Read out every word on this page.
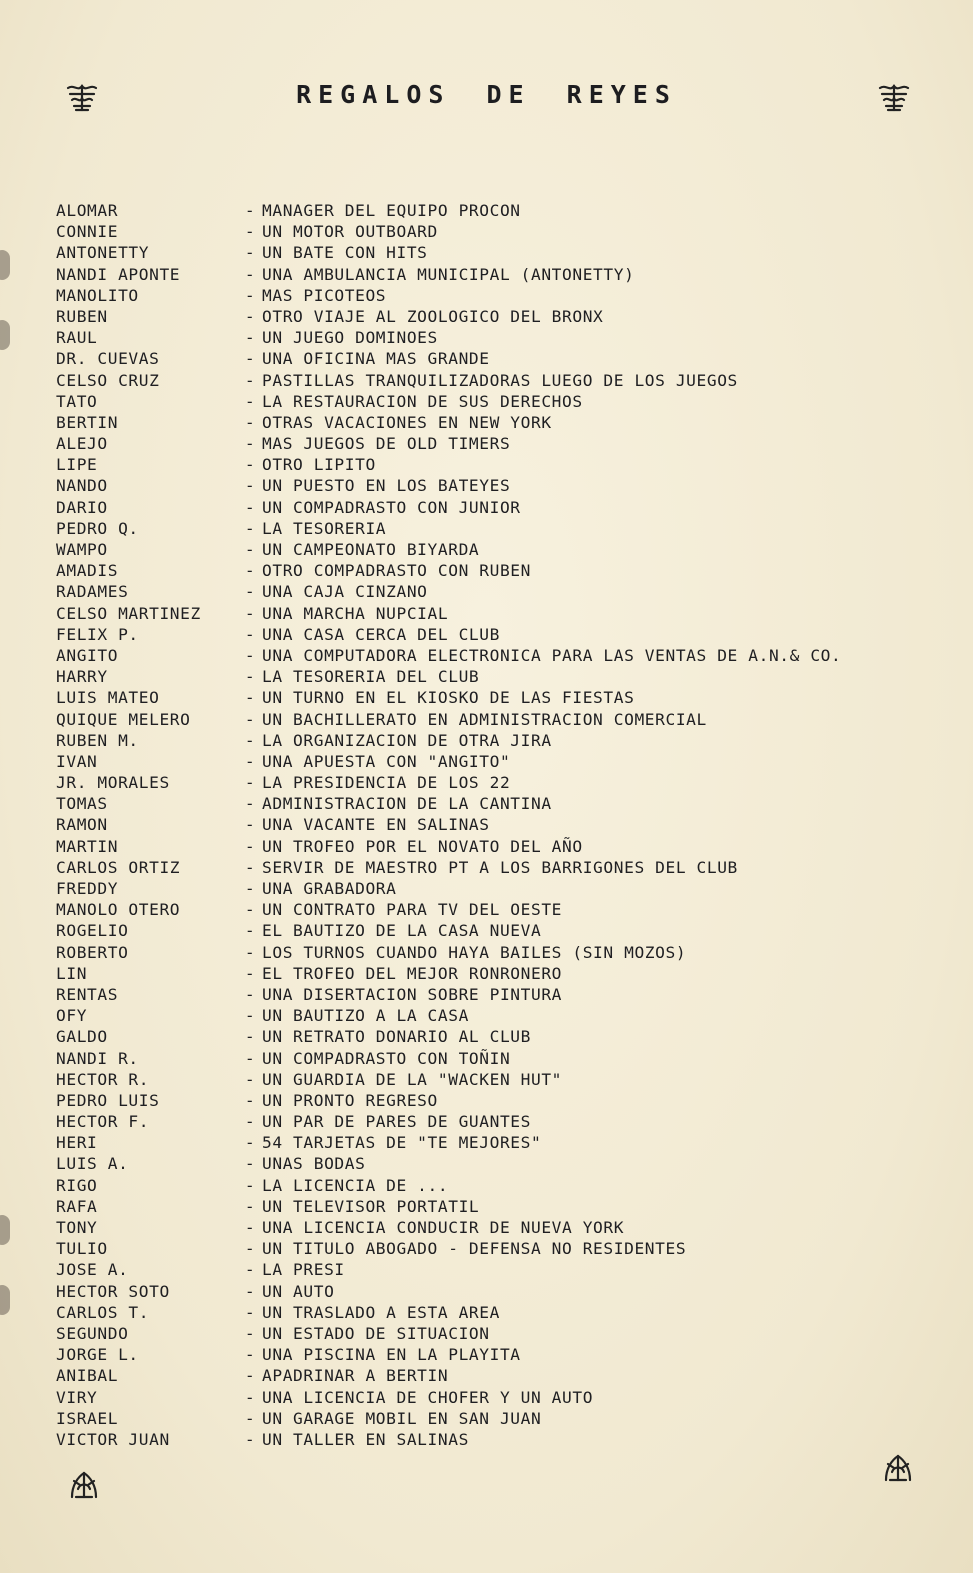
REGALOS DE REYES
ALOMAR	- MANAGER DEL EQUIPO PROCON
CONNIE	- UN MOTOR OUTBOARD
ANTONETTY	- UN BATE CON HITS
NANDI APONTE	- UNA AMBULANCIA MUNICIPAL (ANTONETTY)
MANOLITO	- MAS PICOTEOS
RUBEN	- OTRO VIAJE AL ZOOLOGICO DEL BRONX
RAUL	- UN JUEGO DOMINOES
DR. CUEVAS	- UNA OFICINA MAS GRANDE
CELSO CRUZ	- PASTILLAS TRANQUILIZADORAS LUEGO DE LOS JUEGOS
TATO	- LA RESTAURACION DE SUS DERECHOS
BERTIN	- OTRAS VACACIONES EN NEW YORK
ALEJO	- MAS JUEGOS DE OLD TIMERS
LIPE	- OTRO LIPITO
NANDO	- UN PUESTO EN LOS BATEYES
DARIO	- UN COMPADRASTO CON JUNIOR
PEDRO Q.	- LA TESORERIA
WAMPO	- UN CAMPEONATO BIYARDA
AMADIS	- OTRO COMPADRASTO CON RUBEN
RADAMES	- UNA CAJA CINZANO
CELSO MARTINEZ	- UNA MARCHA NUPCIAL
FELIX P.	- UNA CASA CERCA DEL CLUB
ANGITO	- UNA COMPUTADORA ELECTRONICA PARA LAS VENTAS DE A.N.& CO.
HARRY	- LA TESORERIA DEL CLUB
LUIS MATEO	- UN TURNO EN EL KIOSKO DE LAS FIESTAS
QUIQUE MELERO	- UN BACHILLERATO EN ADMINISTRACION COMERCIAL
RUBEN M.	- LA ORGANIZACION DE OTRA JIRA
IVAN	- UNA APUESTA CON "ANGITO"
JR. MORALES	- LA PRESIDENCIA DE LOS 22
TOMAS	- ADMINISTRACION DE LA CANTINA
RAMON	- UNA VACANTE EN SALINAS
MARTIN	- UN TROFEO POR EL NOVATO DEL AÑO
CARLOS ORTIZ	- SERVIR DE MAESTRO PT A LOS BARRIGONES DEL CLUB
FREDDY	- UNA GRABADORA
MANOLO OTERO	- UN CONTRATO PARA TV DEL OESTE
ROGELIO	- EL BAUTIZO DE LA CASA NUEVA
ROBERTO	- LOS TURNOS CUANDO HAYA BAILES (SIN MOZOS)
LIN	- EL TROFEO DEL MEJOR RONRONERO
RENTAS	- UNA DISERTACION SOBRE PINTURA
OFY	- UN BAUTIZO A LA CASA
GALDO	- UN RETRATO DONARIO AL CLUB
NANDI R.	- UN COMPADRASTO CON TOÑIN
HECTOR R.	- UN GUARDIA DE LA "WACKEN HUT"
PEDRO LUIS	- UN PRONTO REGRESO
HECTOR F.	- UN PAR DE PARES DE GUANTES
HERI	- 54 TARJETAS DE "TE MEJORES"
LUIS A.	- UNAS BODAS
RIGO	- LA LICENCIA DE ...
RAFA	- UN TELEVISOR PORTATIL
TONY	- UNA LICENCIA CONDUCIR DE NUEVA YORK
TULIO	- UN TITULO ABOGADO - DEFENSA NO RESIDENTES
JOSE A.	- LA PRESI
HECTOR SOTO	- UN AUTO
CARLOS T.	- UN TRASLADO A ESTA AREA
SEGUNDO	- UN ESTADO DE SITUACION
JORGE L.	- UNA PISCINA EN LA PLAYITA
ANIBAL	- APADRINAR A BERTIN
VIRY	- UNA LICENCIA DE CHOFER Y UN AUTO
ISRAEL	- UN GARAGE MOBIL EN SAN JUAN
VICTOR JUAN	- UN TALLER EN SALINAS
